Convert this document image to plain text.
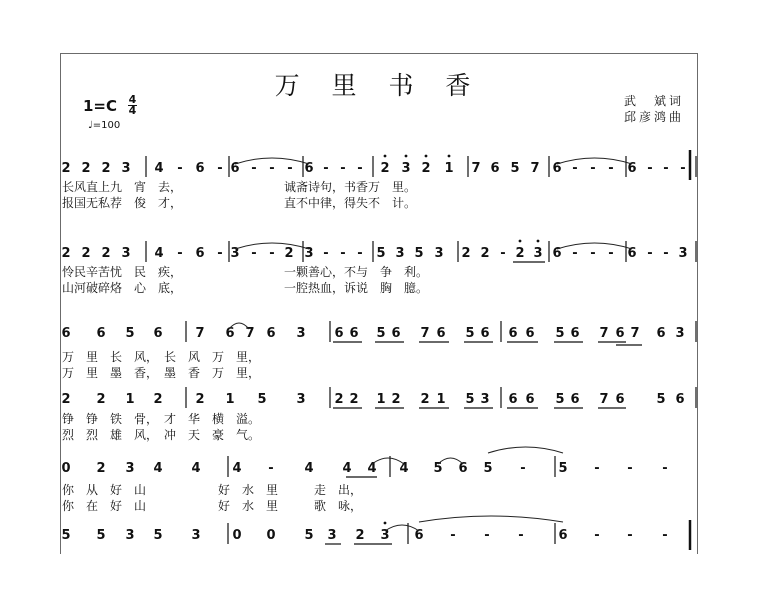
万 里 书 香
1=C 4
4
♩=100
武　斌词
邱彦鸿曲
2 2 2 3 4 - 6 - 6 - - - 6 - - - 2 3 2 1 7 6 5 7 6 - - - 6 - - -
长风直上九　宵　去，　　　　　　　　　诚斋诗句，书香万　里。
报国无私荐　俊　才，　　　　　　　　　直不中律，得失不　计。
2 2 2 3 4 - 6 - 3 - - 2 3 - - - 5 3 5 3 2 2 - 2 3 6 - - - 6 - - 3
怜民辛苦忧　民　疾，　　　　　　　　　一颗善心，不与　争　利。
山河破碎烙　心　底，　　　　　　　　　一腔热血，诉说　胸　臆。
6 6 5 6	7 6 7 6 3 6 6 5 6 7 6 5 6 6 6 5 6 7 6 7 6 3
万　里　长　风，　长　风　万　里，
万　里　墨　香，　墨　香　万　里，
2 2 1 2	2 1 5 3 2 2 1 2 2 1 5 3 6 6 5 6 7 6 5 6
铮　铮　铁　骨，　才　华　横　溢。
烈　烈　雄　风，　冲　天　豪　气。
0 2 3 4 4 4 - 4 4 4 4 5 6 5 -	5 - - -
你　从　好　山　　　　　　好　水　里　　　走　出，
你　在　好　山　　　　　　好　水　里　　　歌　咏，
5 5 3 5 3 0 0 5 3 2 3 6 - - -	6 - - -
